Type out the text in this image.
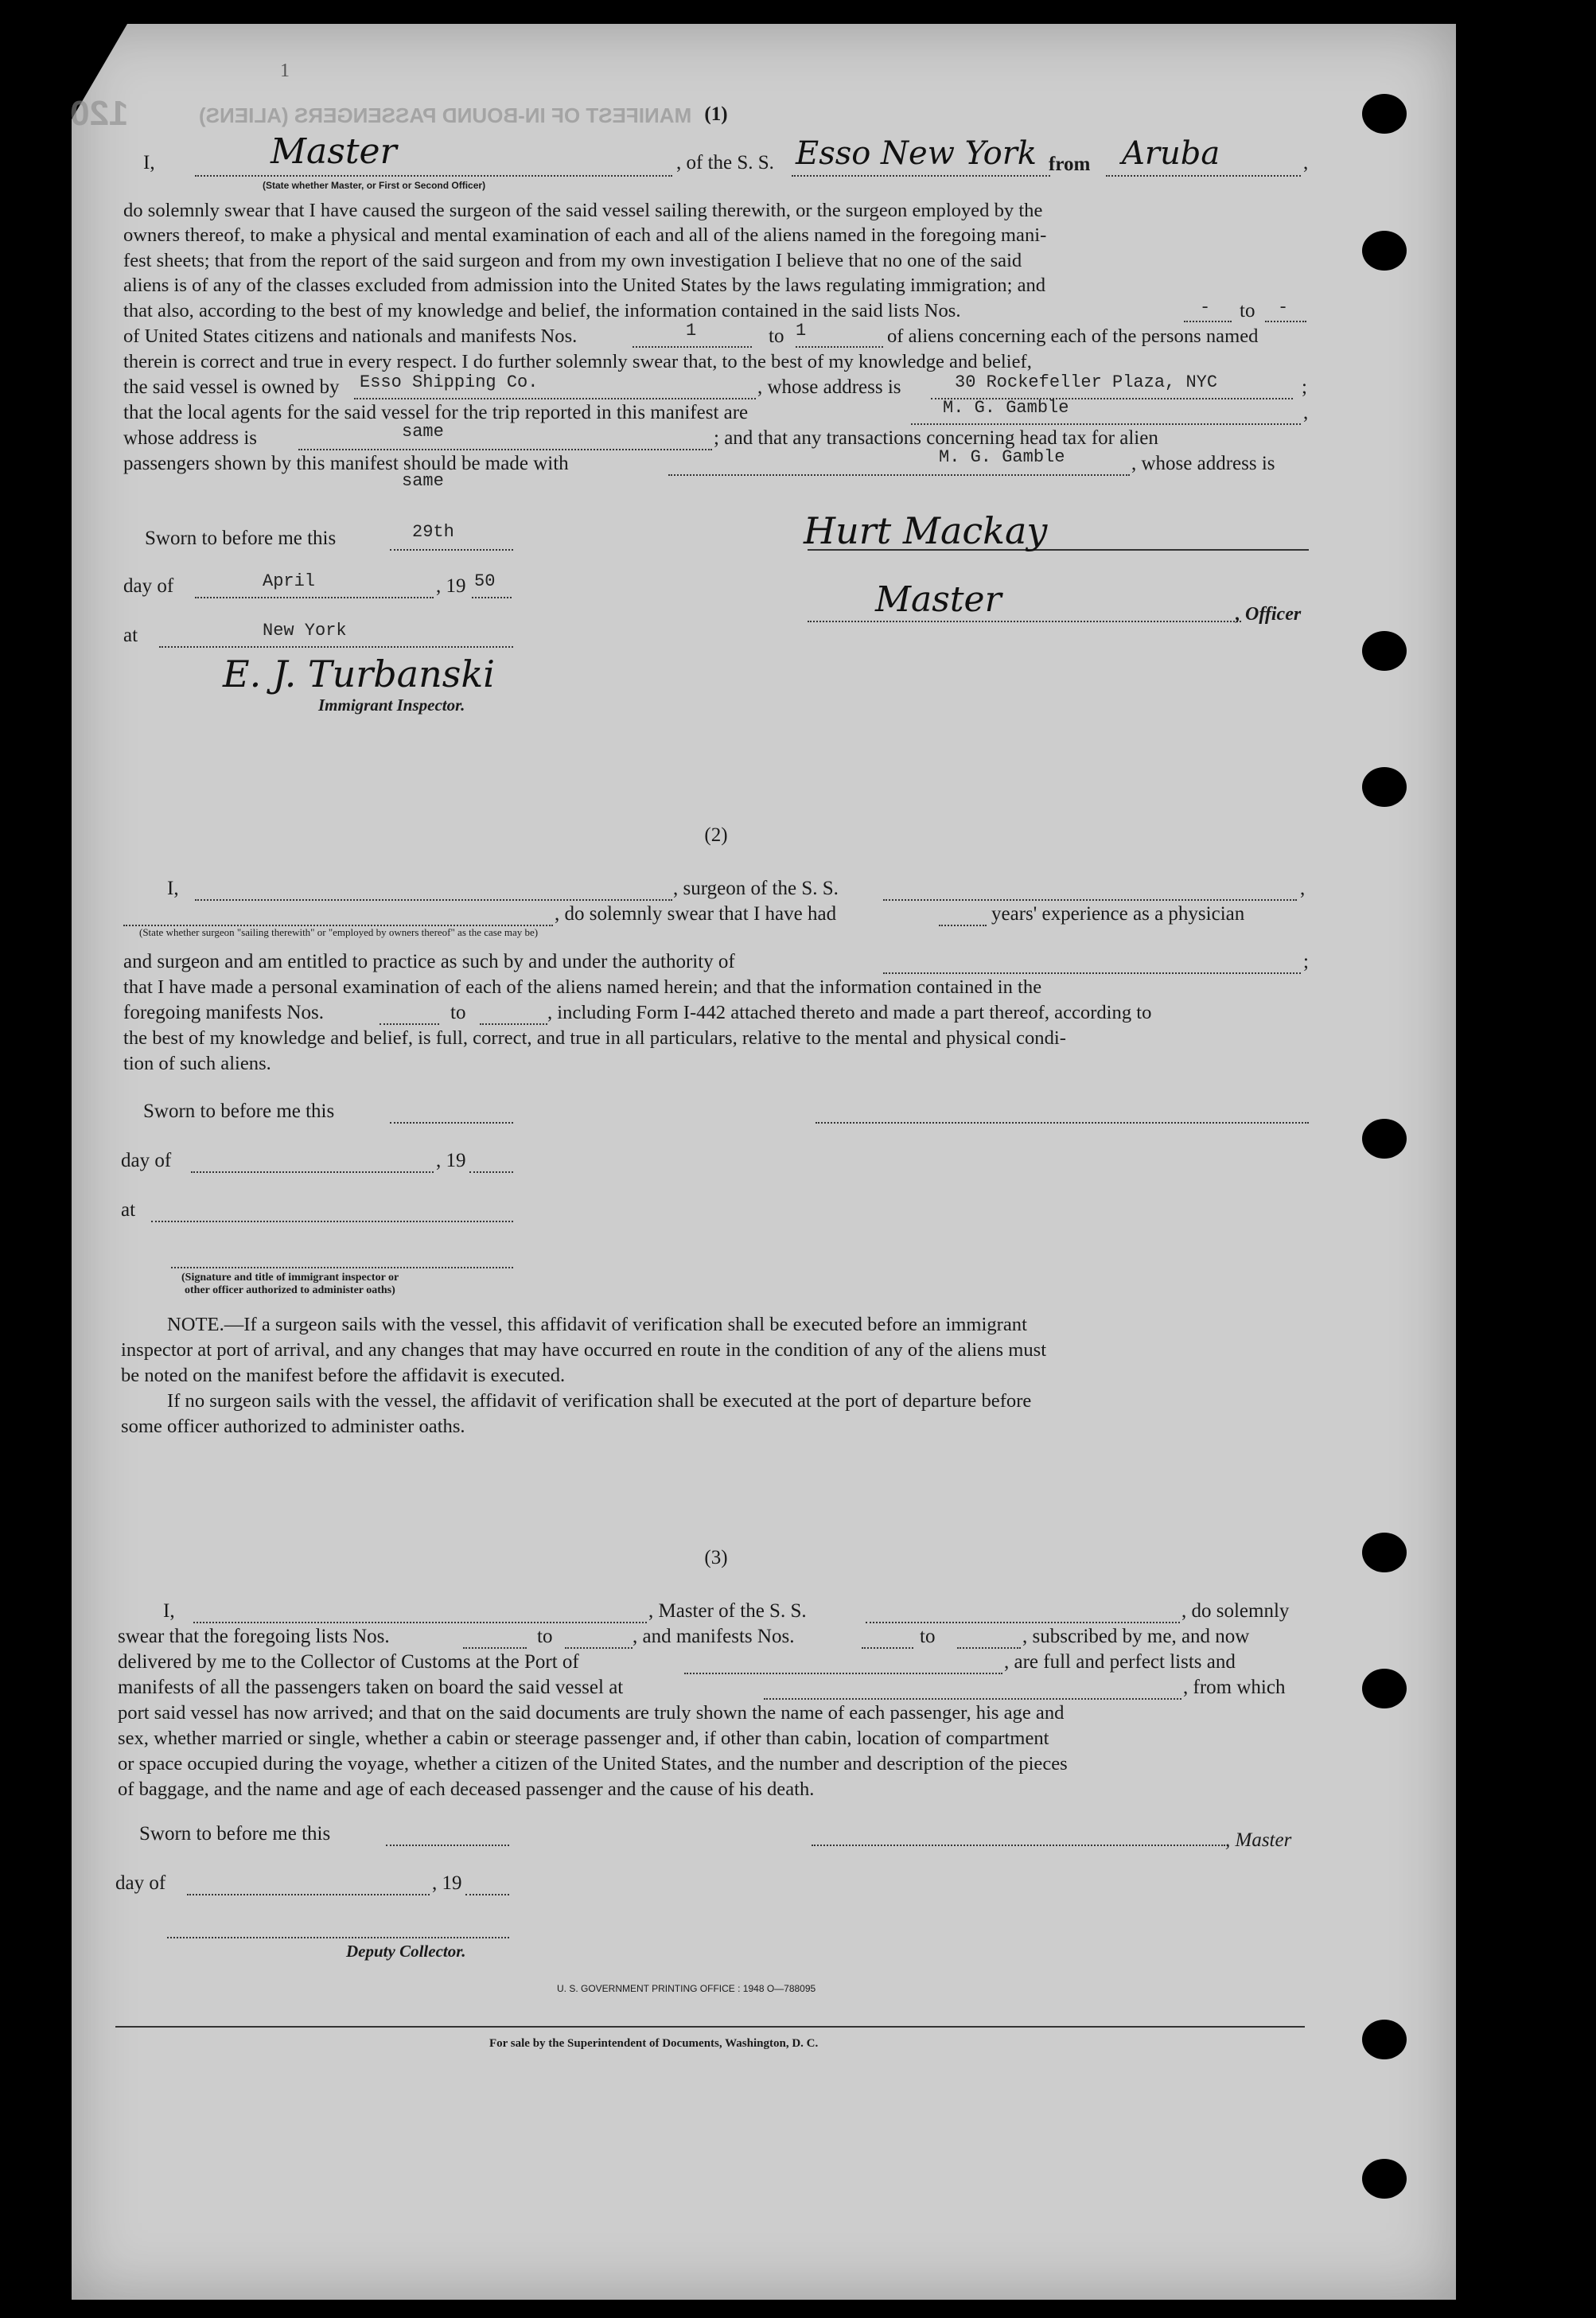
120	MANIFEST OF IN-BOUND PASSENGERS (ALIENS)
1
(1)
I,	Master
(State whether Master, or First or Second Officer)
, of the S. S. Esso New York from Aruba	,
do solemnly swear that I have caused the surgeon of the said vessel sailing therewith, or the surgeon employed by the
owners thereof, to make a physical and mental examination of each and all of the aliens named in the foregoing mani-
fest sheets; that from the report of the said surgeon and from my own investigation I believe that no one of the said
aliens is of any of the classes excluded from admission into the United States by the laws regulating immigration; and
that also, according to the best of my knowledge and belief, the information contained in the said lists Nos.	- to -
of United States citizens and nationals and manifests Nos.	1	to 1	of aliens concerning each of the persons named
therein is correct and true in every respect. I do further solemnly swear that, to the best of my knowledge and belief,
the said vessel is owned by Esso Shipping Co.	, whose address is	30 Rockefeller Plaza, NYC	;
that the local agents for the said vessel for the trip reported in this manifest are	M. G. Gamble	,
whose address is	same	; and that any transactions concerning head tax for alien
passengers shown by this manifest should be made with	M. G. Gamble	, whose address is
same
Sworn to before me this	29th
day of	April	, 19 50
at	New York
E. J. Turbanski
Immigrant Inspector.
Hurt Mackay
Master	, Officer
(2)
I,	, surgeon of the S. S.	,
, do solemnly swear that I have had	years' experience as a physician
(State whether surgeon "sailing therewith" or "employed by owners thereof" as the case may be)
and surgeon and am entitled to practice as such by and under the authority of	;
that I have made a personal examination of each of the aliens named herein; and that the information contained in the
foregoing manifests Nos.	to	, including Form I-442 attached thereto and made a part thereof, according to
the best of my knowledge and belief, is full, correct, and true in all particulars, relative to the mental and physical condi-
tion of such aliens.
Sworn to before me this
day of	, 19
at
(Signature and title of immigrant inspector or
other officer authorized to administer oaths)
NOTE.—If a surgeon sails with the vessel, this affidavit of verification shall be executed before an immigrant
inspector at port of arrival, and any changes that may have occurred en route in the condition of any of the aliens must
be noted on the manifest before the affidavit is executed.
If no surgeon sails with the vessel, the affidavit of verification shall be executed at the port of departure before
some officer authorized to administer oaths.
(3)
I,	, Master of the S. S.	, do solemnly
swear that the foregoing lists Nos.	to	, and manifests Nos.	to	, subscribed by me, and now
delivered by me to the Collector of Customs at the Port of	, are full and perfect lists and
manifests of all the passengers taken on board the said vessel at	, from which
port said vessel has now arrived; and that on the said documents are truly shown the name of each passenger, his age and
sex, whether married or single, whether a cabin or steerage passenger and, if other than cabin, location of compartment
or space occupied during the voyage, whether a citizen of the United States, and the number and description of the pieces
of baggage, and the name and age of each deceased passenger and the cause of his death.
Sworn to before me this	, Master
day of	, 19
Deputy Collector.
U. S. GOVERNMENT PRINTING OFFICE : 1948 O—788095
For sale by the Superintendent of Documents, Washington, D. C.
